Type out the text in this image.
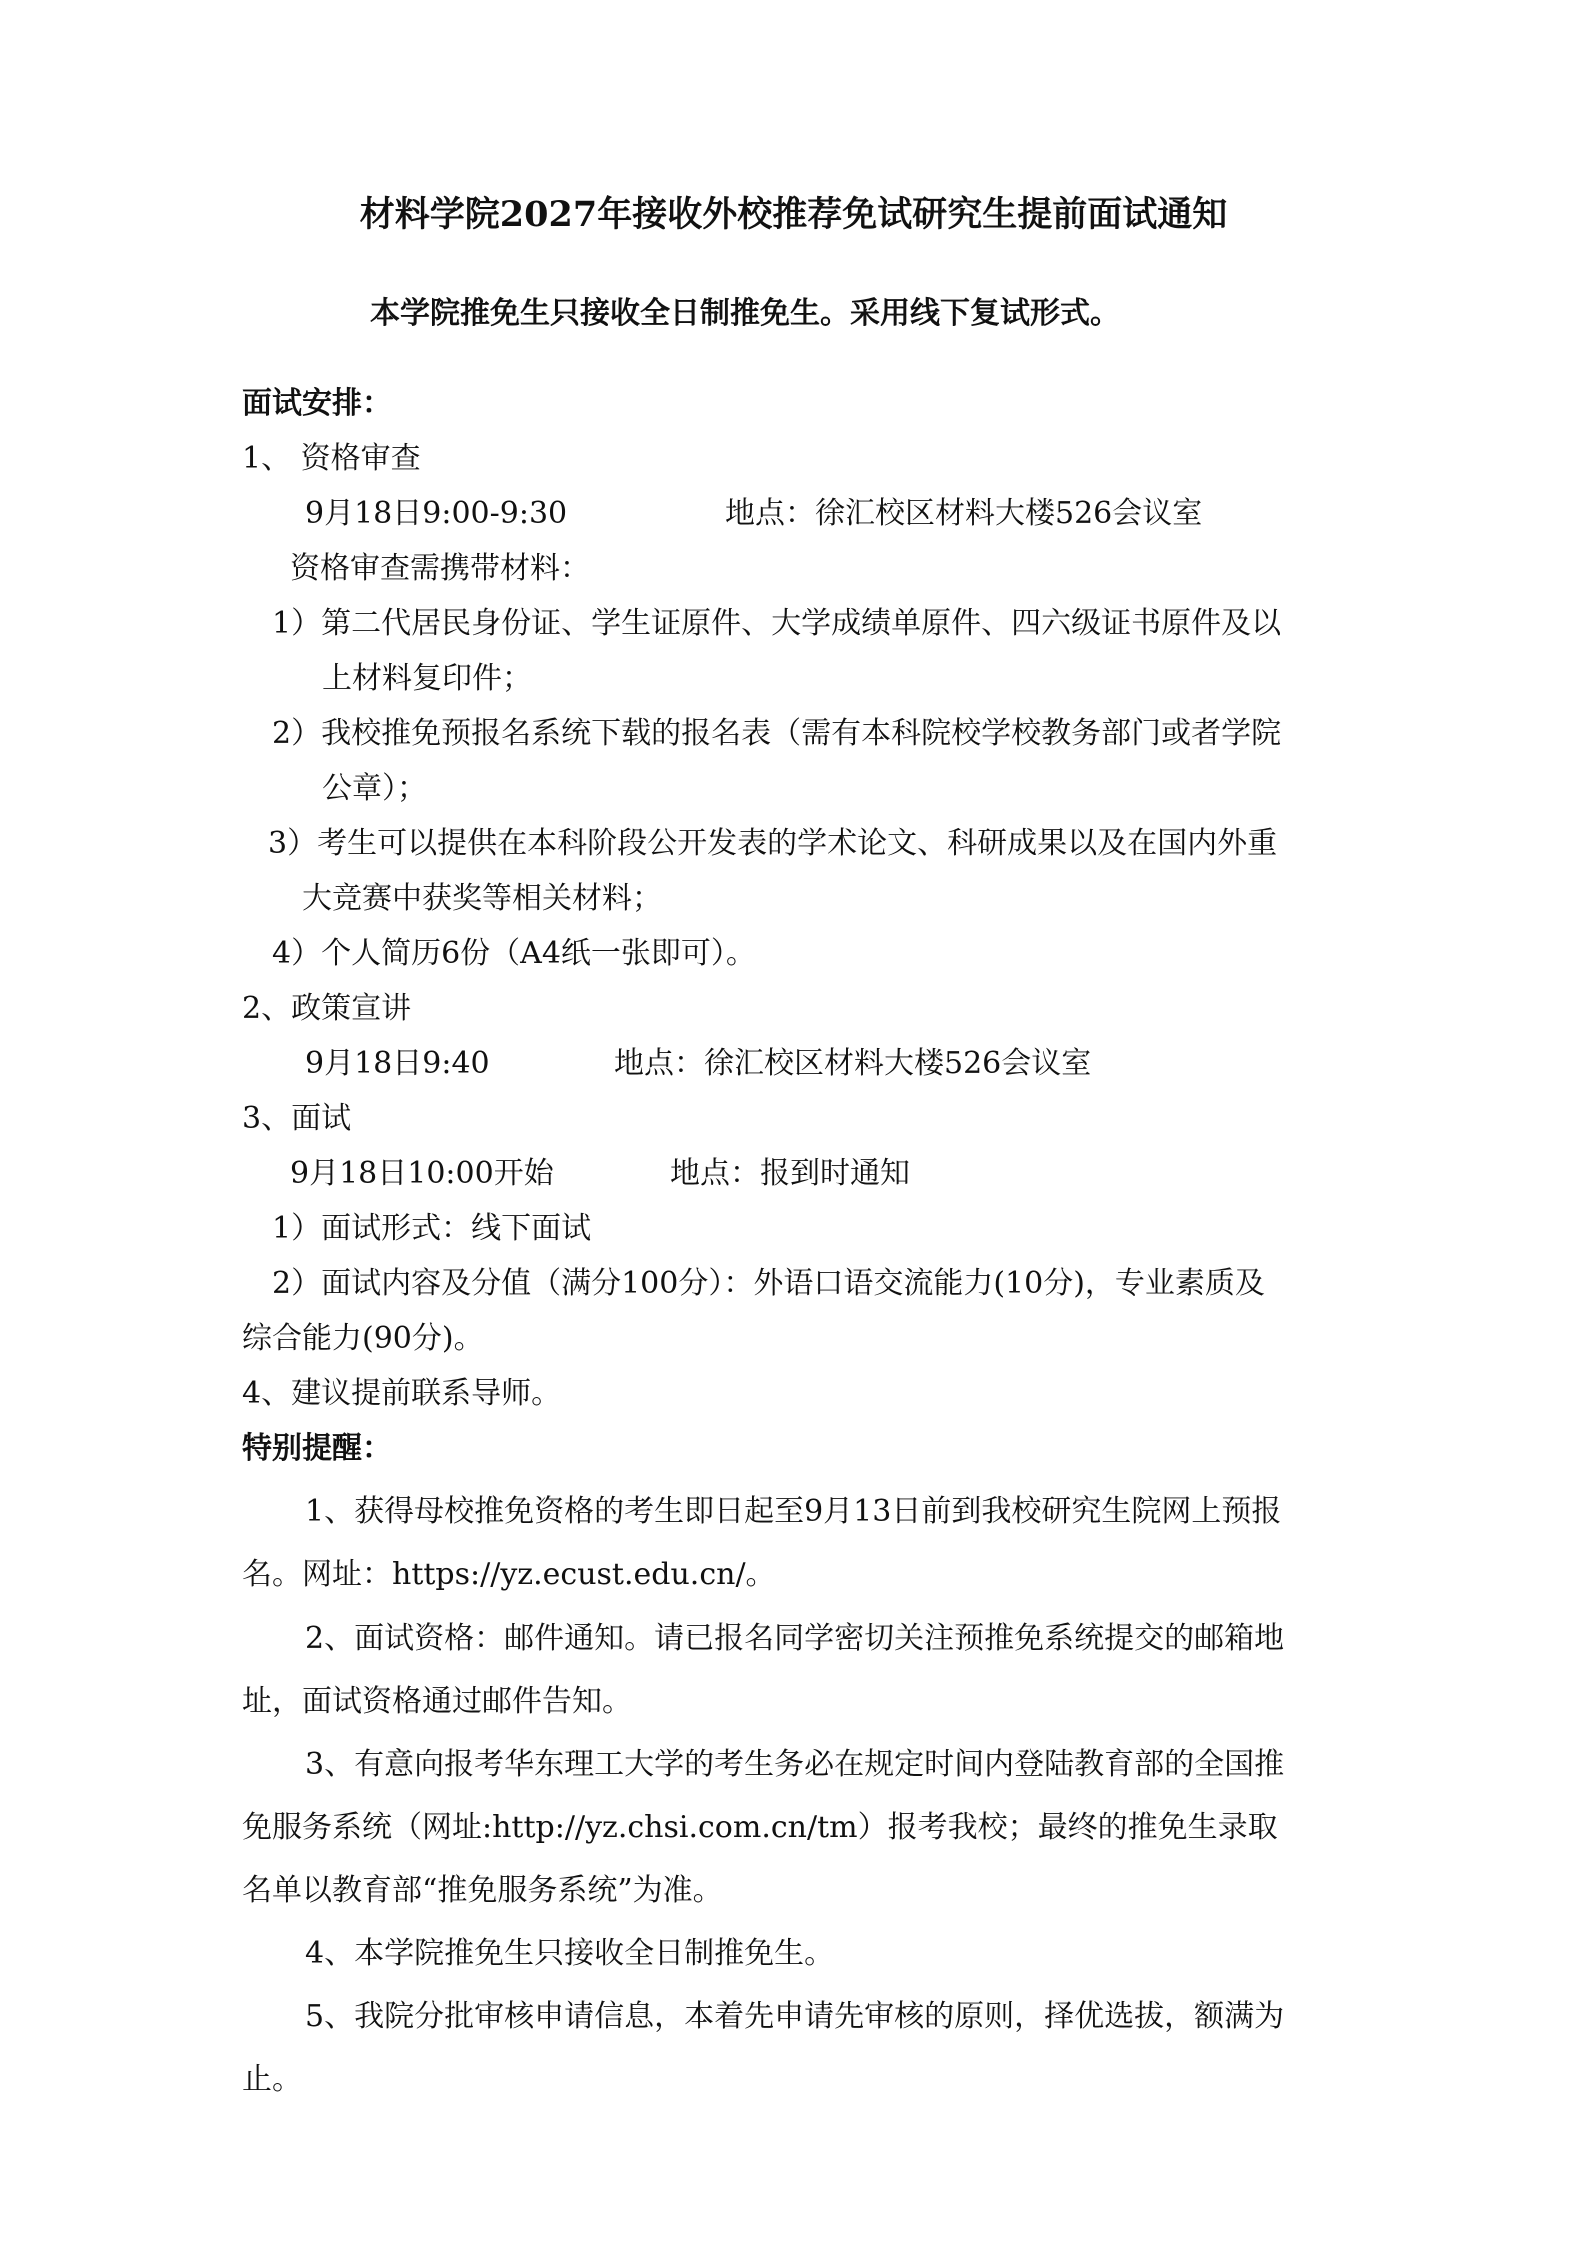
材料学院2027年接收外校推荐免试研究生提前面试通知
本学院推免生只接收全日制推免生。采用线下复试形式。
面试安排：
1、 资格审查
9月18日9:00-9:30	地点：徐汇校区材料大楼526会议室
资格审查需携带材料：
1）第二代居民身份证、学生证原件、大学成绩单原件、四六级证书原件及以
上材料复印件；
2）我校推免预报名系统下载的报名表（需有本科院校学校教务部门或者学院
公章）；
3）考生可以提供在本科阶段公开发表的学术论文、科研成果以及在国内外重
大竞赛中获奖等相关材料；
4）个人简历6份（A4纸一张即可）。
2、政策宣讲
9月18日9:40	地点：徐汇校区材料大楼526会议室
3、面试
9月18日10:00开始	地点：报到时通知
1）面试形式：线下面试
2）面试内容及分值（满分100分）：外语口语交流能力(10分)，专业素质及
综合能力(90分)。
4、建议提前联系导师。
特别提醒：
1、获得母校推免资格的考生即日起至9月13日前到我校研究生院网上预报
名。网址：https://yz.ecust.edu.cn/。
2、面试资格：邮件通知。请已报名同学密切关注预推免系统提交的邮箱地
址，面试资格通过邮件告知。
3、有意向报考华东理工大学的考生务必在规定时间内登陆教育部的全国推
免服务系统（网址:http://yz.chsi.com.cn/tm）报考我校；最终的推免生录取
名单以教育部“推免服务系统”为准。
4、本学院推免生只接收全日制推免生。
5、我院分批审核申请信息，本着先申请先审核的原则，择优选拔，额满为
止。
